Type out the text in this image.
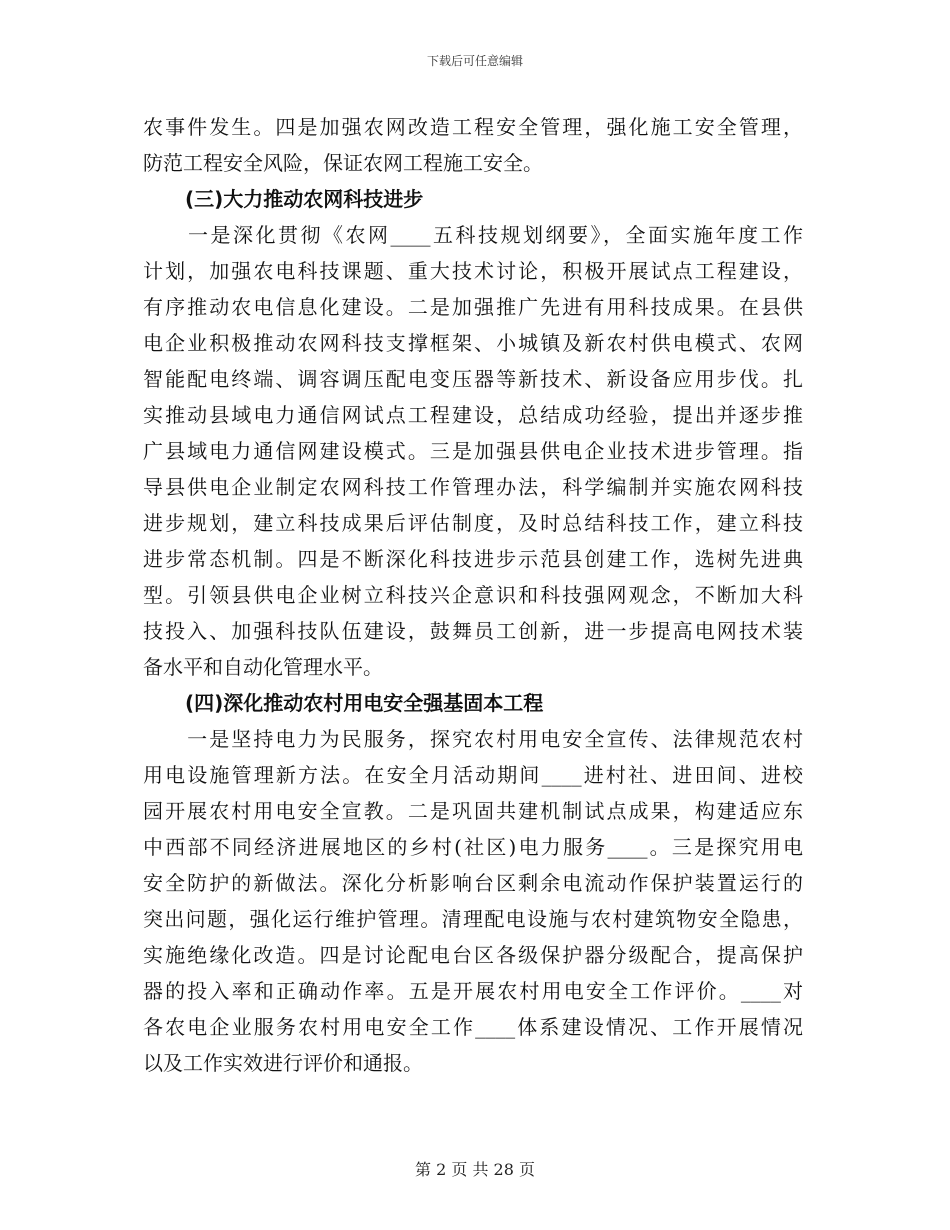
下载后可任意编辑
农事件发生。四是加强农网改造工程安全管理，强化施工安全管理，
防范工程安全风险，保证农网工程施工安全。
(三)大力推动农网科技进步
　　一是深化贯彻《农网____五科技规划纲要》，全面实施年度工作
计划，加强农电科技课题、重大技术讨论，积极开展试点工程建设，
有序推动农电信息化建设。二是加强推广先进有用科技成果。在县供
电企业积极推动农网科技支撑框架、小城镇及新农村供电模式、农网
智能配电终端、调容调压配电变压器等新技术、新设备应用步伐。扎
实推动县域电力通信网试点工程建设，总结成功经验，提出并逐步推
广县域电力通信网建设模式。三是加强县供电企业技术进步管理。指
导县供电企业制定农网科技工作管理办法，科学编制并实施农网科技
进步规划，建立科技成果后评估制度，及时总结科技工作，建立科技
进步常态机制。四是不断深化科技进步示范县创建工作，选树先进典
型。引领县供电企业树立科技兴企意识和科技强网观念，不断加大科
技投入、加强科技队伍建设，鼓舞员工创新，进一步提高电网技术装
备水平和自动化管理水平。
(四)深化推动农村用电安全强基固本工程
　　一是坚持电力为民服务，探究农村用电安全宣传、法律规范农村
用电设施管理新方法。在安全月活动期间____进村社、进田间、进校
园开展农村用电安全宣教。二是巩固共建机制试点成果，构建适应东
中西部不同经济进展地区的乡村(社区)电力服务____。三是探究用电
安全防护的新做法。深化分析影响台区剩余电流动作保护装置运行的
突出问题，强化运行维护管理。清理配电设施与农村建筑物安全隐患，
实施绝缘化改造。四是讨论配电台区各级保护器分级配合，提高保护
器的投入率和正确动作率。五是开展农村用电安全工作评价。____对
各农电企业服务农村用电安全工作____体系建设情况、工作开展情况
以及工作实效进行评价和通报。
第 2 页 共 28 页
